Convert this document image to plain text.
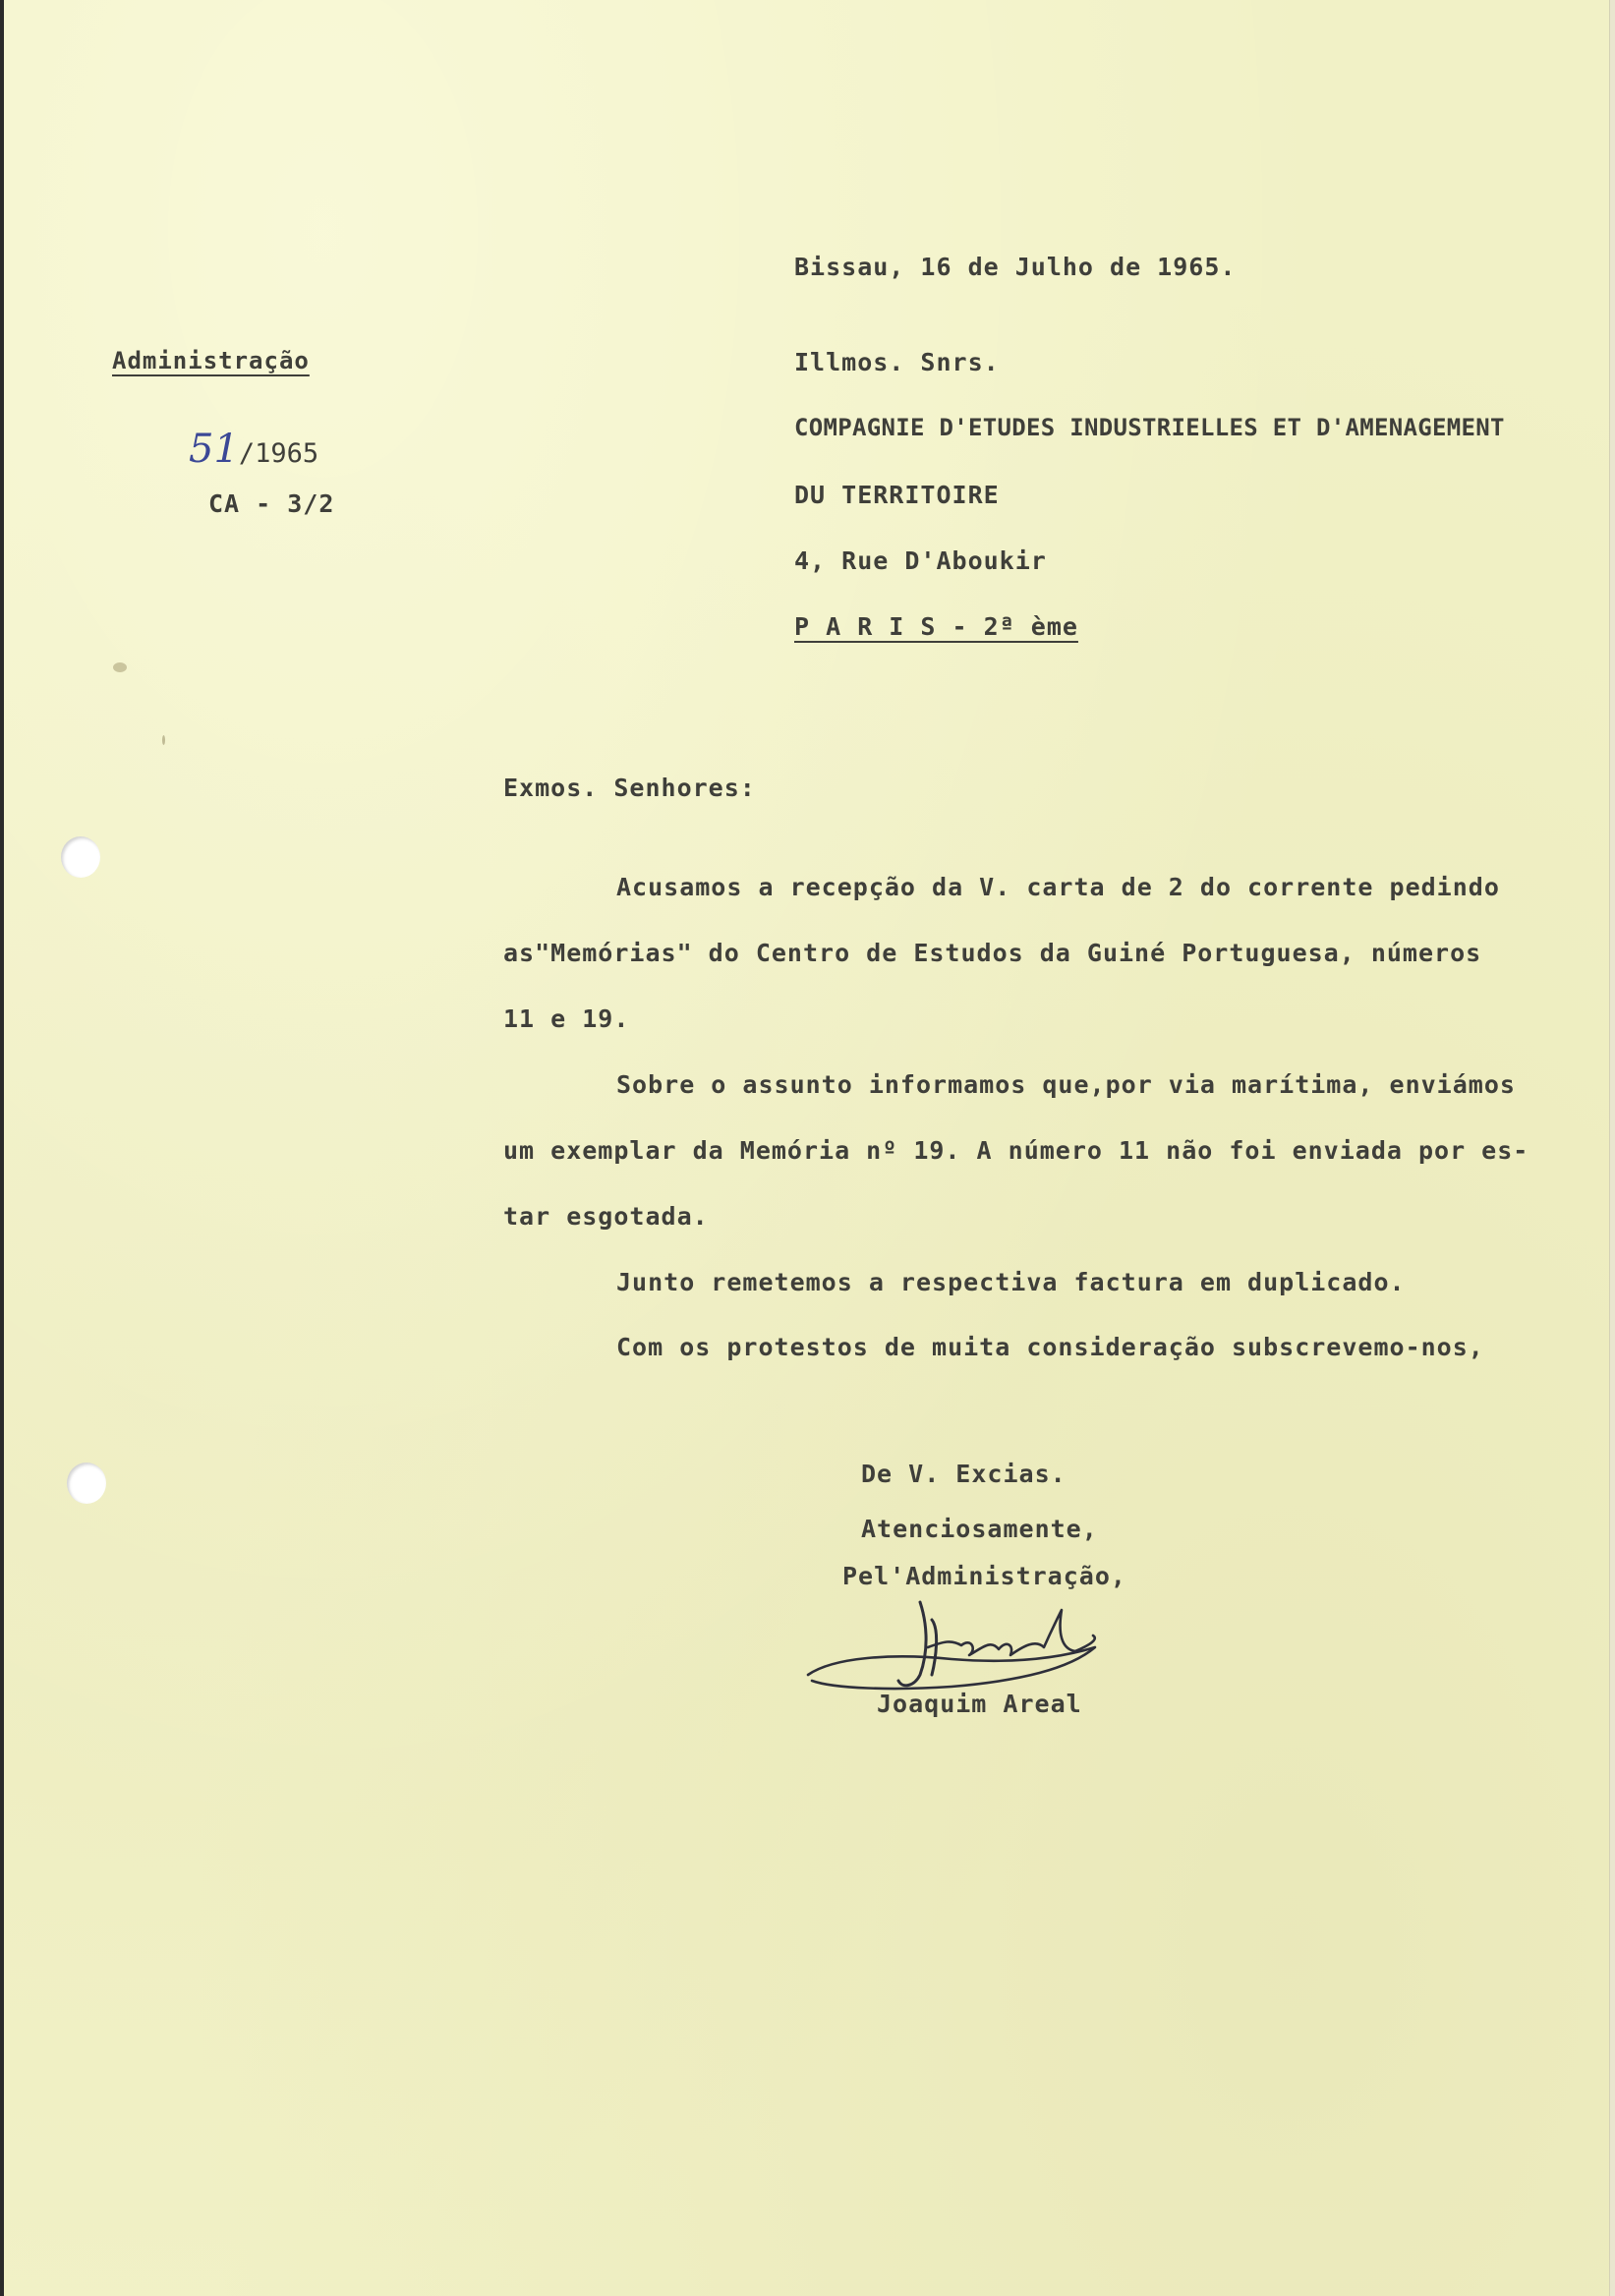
Administração
51/1965
CA - 3/2
Bissau, 16 de Julho de 1965.
Illmos. Snrs.
COMPAGNIE D'ETUDES INDUSTRIELLES ET D'AMENAGEMENT
DU TERRITOIRE
4, Rue D'Aboukir
P A R I S - 2ª ème
Exmos. Senhores:
Acusamos a recepção da V. carta de 2 do corrente pedindo
as"Memórias" do Centro de Estudos da Guiné Portuguesa, números
11 e 19.
Sobre o assunto informamos que,por via marítima, enviámos
um exemplar da Memória nº 19. A número 11 não foi enviada por es-
tar esgotada.
Junto remetemos a respectiva factura em duplicado.
Com os protestos de muita consideração subscrevemo-nos,
De V. Excias.
Atenciosamente,
Pel'Administração,
Joaquim Areal
